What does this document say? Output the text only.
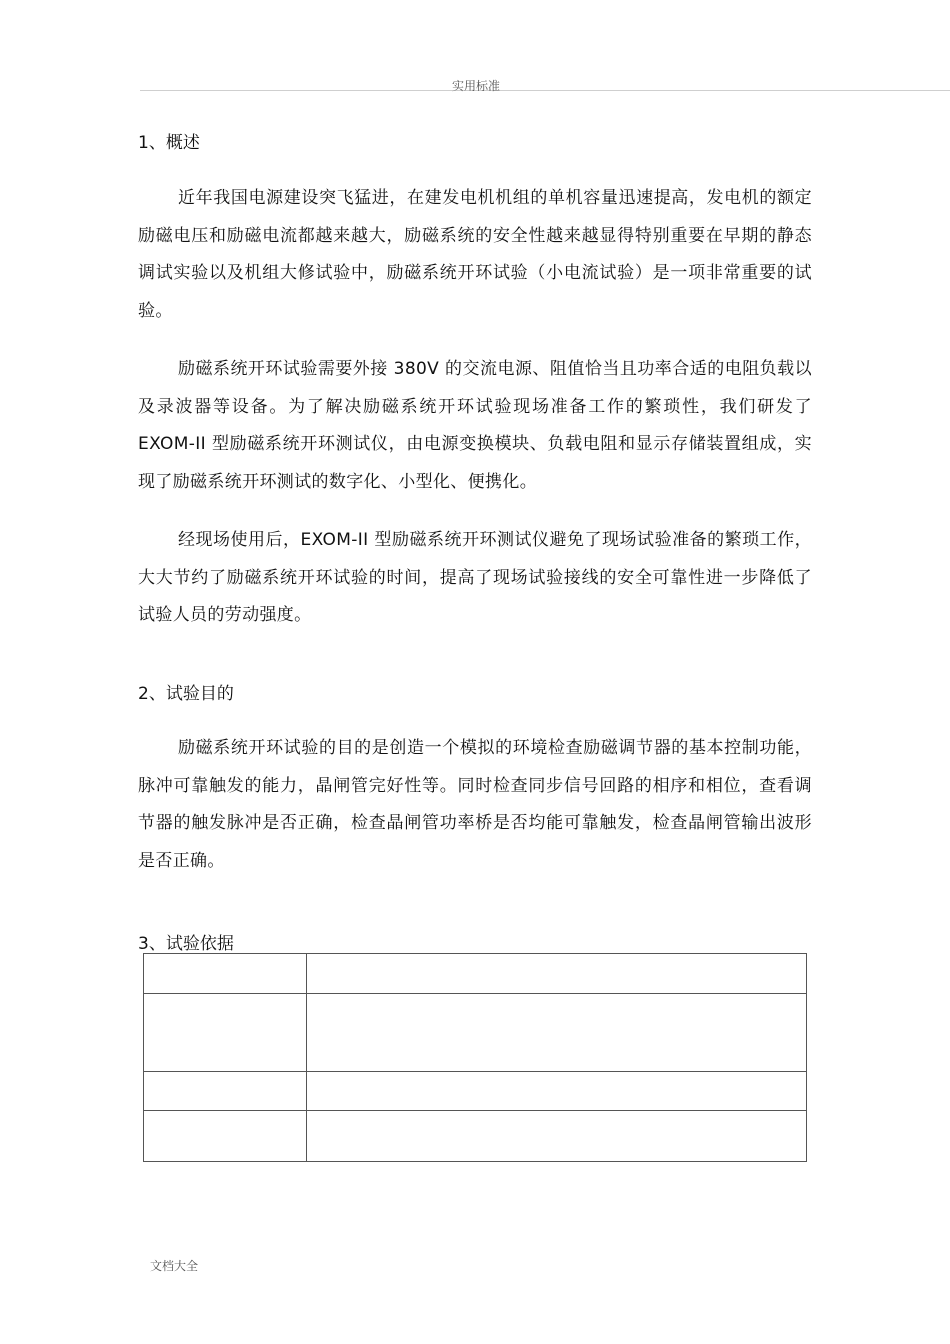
实用标准
1、概述
近年我国电源建设突飞猛进，在建发电机机组的单机容量迅速提高，发电机的额定励磁电压和励磁电流都越来越大，励磁系统的安全性越来越显得特别重要在早期的静态调试实验以及机组大修试验中，励磁系统开环试验（小电流试验）是一项非常重要的试验。
励磁系统开环试验需要外接 380V 的交流电源、阻值恰当且功率合适的电阻负载以及录波器等设备。为了解决励磁系统开环试验现场准备工作的繁琐性，我们研发了 EXOM-II 型励磁系统开环测试仪，由电源变换模块、负载电阻和显示存储装置组成，实现了励磁系统开环测试的数字化、小型化、便携化。
经现场使用后，EXOM-II 型励磁系统开环测试仪避免了现场试验准备的繁琐工作，大大节约了励磁系统开环试验的时间，提高了现场试验接线的安全可靠性进一步降低了试验人员的劳动强度。
2、试验目的
励磁系统开环试验的目的是创造一个模拟的环境检查励磁调节器的基本控制功能，脉冲可靠触发的能力，晶闸管完好性等。同时检查同步信号回路的相序和相位，查看调节器的触发脉冲是否正确，检查晶闸管功率桥是否均能可靠触发，检查晶闸管输出波形是否正确。
3、试验依据

文档大全
